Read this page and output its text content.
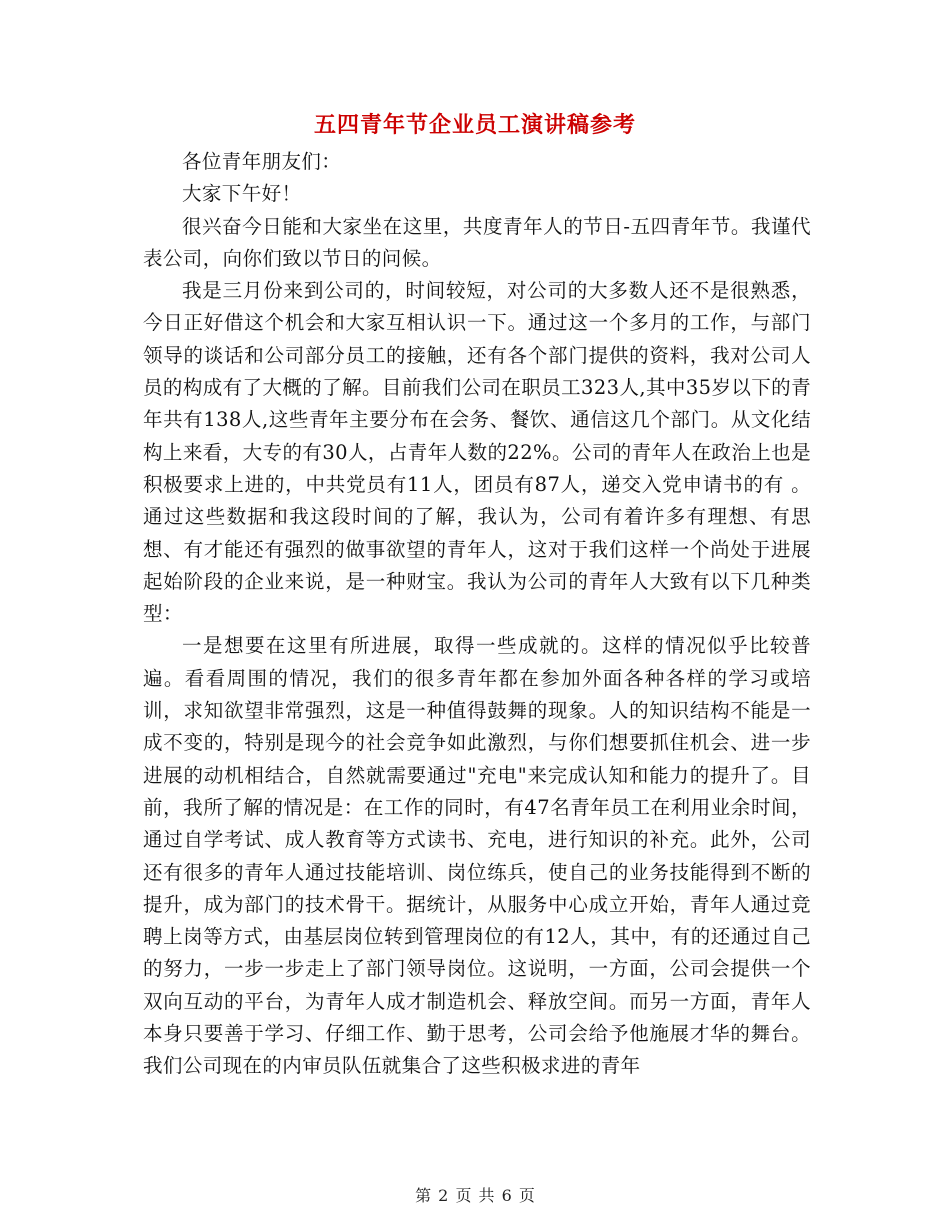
五四青年节企业员工演讲稿参考

各位青年朋友们：

大家下午好！

很兴奋今日能和大家坐在这里，共度青年人的节日-五四青年节。我谨代表公司，向你们致以节日的问候。

我是三月份来到公司的，时间较短，对公司的大多数人还不是很熟悉，今日正好借这个机会和大家互相认识一下。通过这一个多月的工作，与部门领导的谈话和公司部分员工的接触，还有各个部门提供的资料，我对公司人员的构成有了大概的了解。目前我们公司在职员工323人,其中35岁以下的青年共有138人,这些青年主要分布在会务、餐饮、通信这几个部门。从文化结构上来看，大专的有30人，占青年人数的22%。公司的青年人在政治上也是积极要求上进的，中共党员有11人，团员有87人，递交入党申请书的有 。通过这些数据和我这段时间的了解，我认为，公司有着许多有理想、有思想、有才能还有强烈的做事欲望的青年人，这对于我们这样一个尚处于进展起始阶段的企业来说，是一种财宝。我认为公司的青年人大致有以下几种类型：

一是想要在这里有所进展，取得一些成就的。这样的情况似乎比较普遍。看看周围的情况，我们的很多青年都在参加外面各种各样的学习或培训，求知欲望非常强烈，这是一种值得鼓舞的现象。人的知识结构不能是一成不变的，特别是现今的社会竞争如此激烈，与你们想要抓住机会、进一步进展的动机相结合，自然就需要通过"充电"来完成认知和能力的提升了。目前，我所了解的情况是：在工作的同时，有47名青年员工在利用业余时间，通过自学考试、成人教育等方式读书、充电，进行知识的补充。此外，公司还有很多的青年人通过技能培训、岗位练兵，使自己的业务技能得到不断的提升，成为部门的技术骨干。据统计，从服务中心成立开始，青年人通过竞聘上岗等方式，由基层岗位转到管理岗位的有12人，其中，有的还通过自己的努力，一步一步走上了部门领导岗位。这说明，一方面，公司会提供一个双向互动的平台，为青年人成才制造机会、释放空间。而另一方面，青年人本身只要善于学习、仔细工作、勤于思考，公司会给予他施展才华的舞台。我们公司现在的内审员队伍就集合了这些积极求进的青年

第 2 页 共 6 页
